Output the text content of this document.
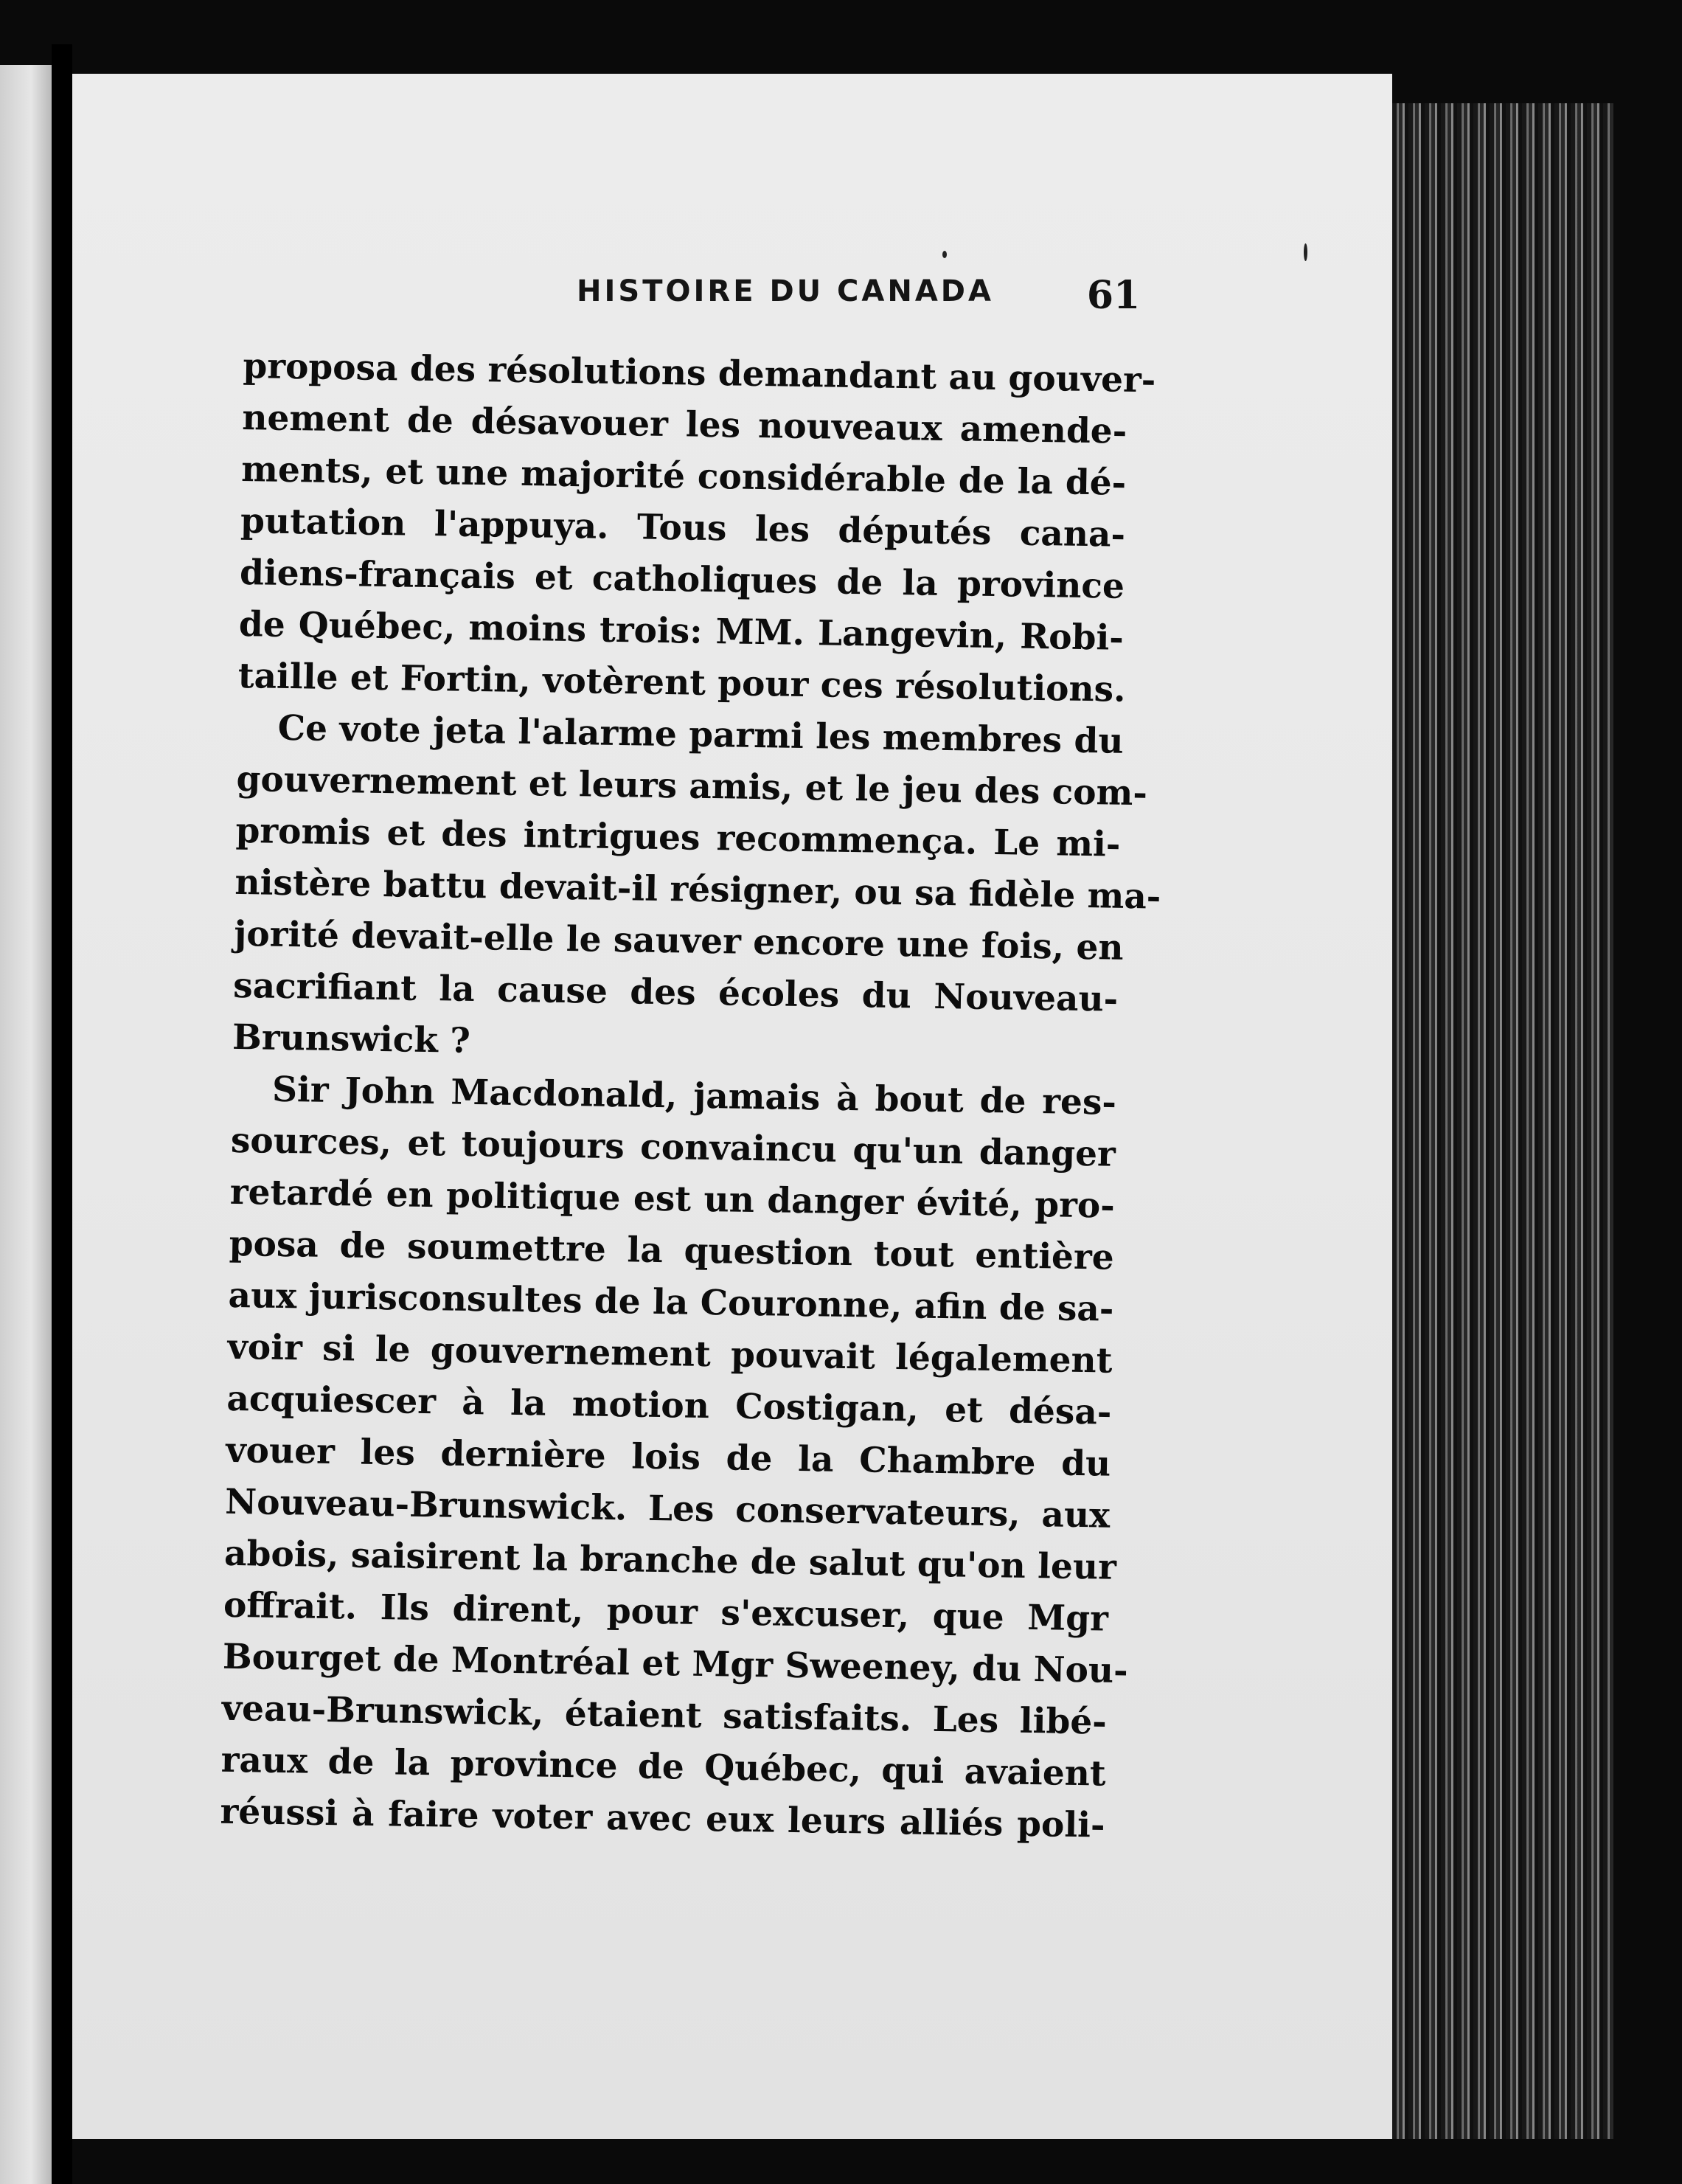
HISTOIRE DU CANADA	61

proposa des résolutions demandant au gouver-
nement de désavouer les nouveaux amende-
ments, et une majorité considérable de la dé-
putation l'appuya. Tous les députés cana-
diens-français et catholiques de la province
de Québec, moins trois: MM. Langevin, Robi-
taille et Fortin, votèrent pour ces résolutions.

Ce vote jeta l'alarme parmi les membres du
gouvernement et leurs amis, et le jeu des com-
promis et des intrigues recommença. Le mi-
nistère battu devait-il résigner, ou sa fidèle ma-
jorité devait-elle le sauver encore une fois, en
sacrifiant la cause des écoles du Nouveau-
Brunswick ?

Sir John Macdonald, jamais à bout de res-
sources, et toujours convaincu qu'un danger
retardé en politique est un danger évité, pro-
posa de soumettre la question tout entière
aux jurisconsultes de la Couronne, afin de sa-
voir si le gouvernement pouvait légalement
acquiescer à la motion Costigan, et désa-
vouer les dernière lois de la Chambre du
Nouveau-Brunswick. Les conservateurs, aux
abois, saisirent la branche de salut qu'on leur
offrait. Ils dirent, pour s'excuser, que Mgr
Bourget de Montréal et Mgr Sweeney, du Nou-
veau-Brunswick, étaient satisfaits. Les libé-
raux de la province de Québec, qui avaient
réussi à faire voter avec eux leurs alliés poli-
